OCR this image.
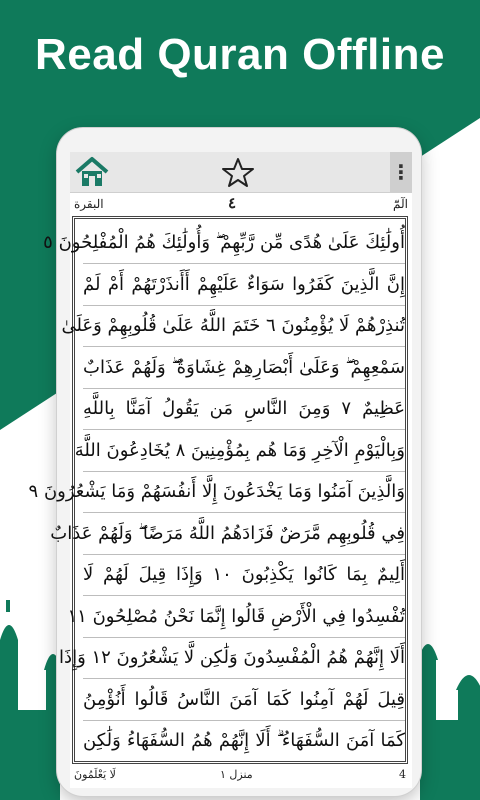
Read Quran Offline
⋮
البقرة	٤	الٓمّٓ
أُولَٰئِكَ عَلَىٰ هُدًى مِّن رَّبِّهِمْ ۖ وَأُولَٰئِكَ هُمُ الْمُفْلِحُونَ ٥
إِنَّ الَّذِينَ كَفَرُوا سَوَاءٌ عَلَيْهِمْ أَأَنذَرْتَهُمْ أَمْ لَمْ
تُنذِرْهُمْ لَا يُؤْمِنُونَ ٦ خَتَمَ اللَّهُ عَلَىٰ قُلُوبِهِمْ وَعَلَىٰ
سَمْعِهِمْ ۖ وَعَلَىٰ أَبْصَارِهِمْ غِشَاوَةٌ ۖ وَلَهُمْ عَذَابٌ
عَظِيمٌ ٧ وَمِنَ النَّاسِ مَن يَقُولُ آمَنَّا بِاللَّهِ
وَبِالْيَوْمِ الْآخِرِ وَمَا هُم بِمُؤْمِنِينَ ٨ يُخَادِعُونَ اللَّهَ
وَالَّذِينَ آمَنُوا وَمَا يَخْدَعُونَ إِلَّا أَنفُسَهُمْ وَمَا يَشْعُرُونَ ٩
فِي قُلُوبِهِم مَّرَضٌ فَزَادَهُمُ اللَّهُ مَرَضًا ۖ وَلَهُمْ عَذَابٌ
أَلِيمٌ بِمَا كَانُوا يَكْذِبُونَ ١٠ وَإِذَا قِيلَ لَهُمْ لَا
تُفْسِدُوا فِي الْأَرْضِ قَالُوا إِنَّمَا نَحْنُ مُصْلِحُونَ ١١
أَلَا إِنَّهُمْ هُمُ الْمُفْسِدُونَ وَلَٰكِن لَّا يَشْعُرُونَ ١٢ وَإِذَا
قِيلَ لَهُمْ آمِنُوا كَمَا آمَنَ النَّاسُ قَالُوا أَنُؤْمِنُ
كَمَا آمَنَ السُّفَهَاءُ ۗ أَلَا إِنَّهُمْ هُمُ السُّفَهَاءُ وَلَٰكِن
لَا يَعْلَمُونَ	منزل ١	4
